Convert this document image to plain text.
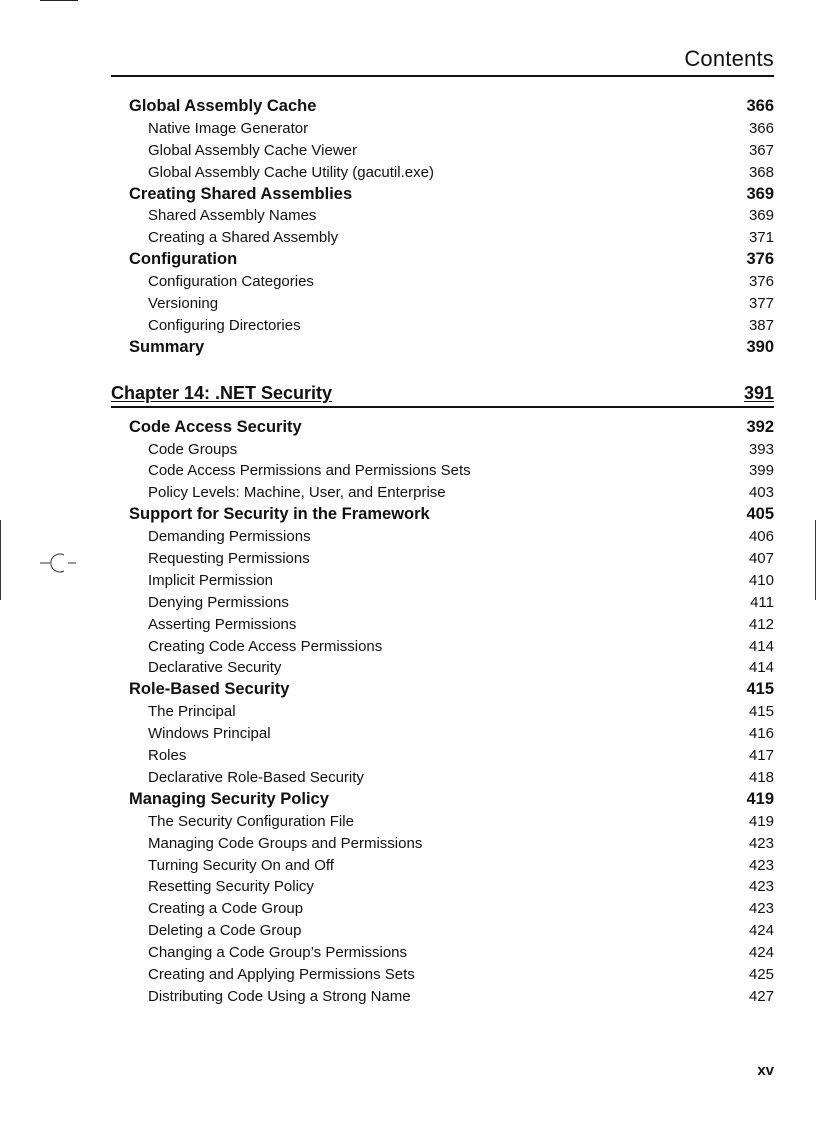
Contents
Global Assembly Cache	366
Native Image Generator	366
Global Assembly Cache Viewer	367
Global Assembly Cache Utility (gacutil.exe)	368
Creating Shared Assemblies	369
Shared Assembly Names	369
Creating a Shared Assembly	371
Configuration	376
Configuration Categories	376
Versioning	377
Configuring Directories	387
Summary	390
Chapter 14: .NET Security	391
Code Access Security	392
Code Groups	393
Code Access Permissions and Permissions Sets	399
Policy Levels: Machine, User, and Enterprise	403
Support for Security in the Framework	405
Demanding Permissions	406
Requesting Permissions	407
Implicit Permission	410
Denying Permissions	411
Asserting Permissions	412
Creating Code Access Permissions	414
Declarative Security	414
Role-Based Security	415
The Principal	415
Windows Principal	416
Roles	417
Declarative Role-Based Security	418
Managing Security Policy	419
The Security Configuration File	419
Managing Code Groups and Permissions	423
Turning Security On and Off	423
Resetting Security Policy	423
Creating a Code Group	423
Deleting a Code Group	424
Changing a Code Group’s Permissions	424
Creating and Applying Permissions Sets	425
Distributing Code Using a Strong Name	427
xv
